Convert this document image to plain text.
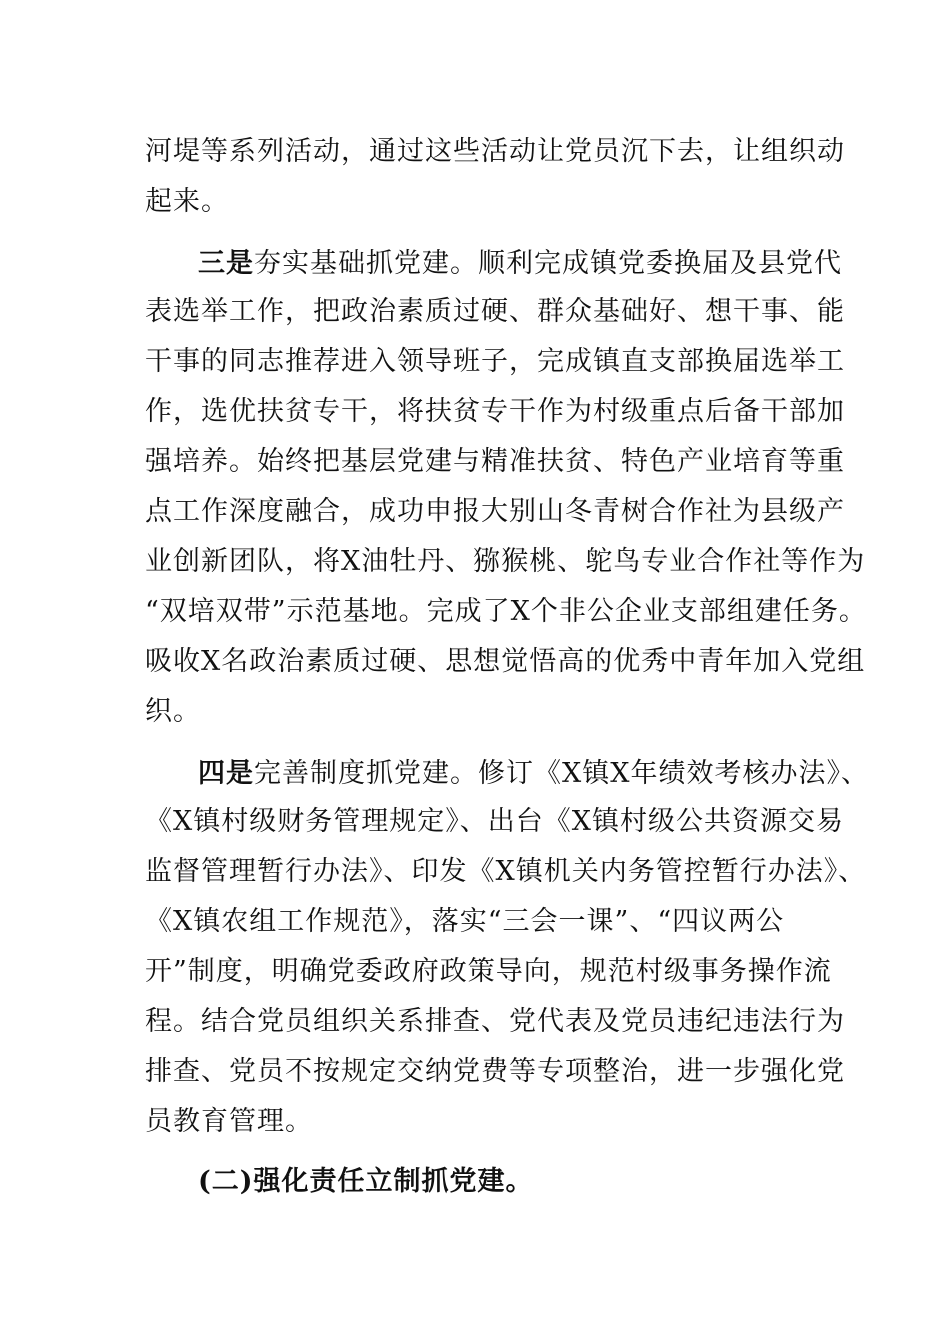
河堤等系列活动，通过这些活动让党员沉下去，让组织动
起来。
三是夯实基础抓党建。顺利完成镇党委换届及县党代
表选举工作，把政治素质过硬、群众基础好、想干事、能
干事的同志推荐进入领导班子，完成镇直支部换届选举工
作，选优扶贫专干，将扶贫专干作为村级重点后备干部加
强培养。始终把基层党建与精准扶贫、特色产业培育等重
点工作深度融合，成功申报大别山冬青树合作社为县级产
业创新团队，将X油牡丹、猕猴桃、鸵鸟专业合作社等作为
“双培双带”示范基地。完成了X个非公企业支部组建任务。
吸收X名政治素质过硬、思想觉悟高的优秀中青年加入党组
织。
四是完善制度抓党建。修订《X镇X年绩效考核办法》、
《X镇村级财务管理规定》、出台《X镇村级公共资源交易
监督管理暂行办法》、印发《X镇机关内务管控暂行办法》、
《X镇农组工作规范》，落实“三会一课”、“四议两公
开”制度，明确党委政府政策导向，规范村级事务操作流
程。结合党员组织关系排查、党代表及党员违纪违法行为
排查、党员不按规定交纳党费等专项整治，进一步强化党
员教育管理。
(二)强化责任立制抓党建。
